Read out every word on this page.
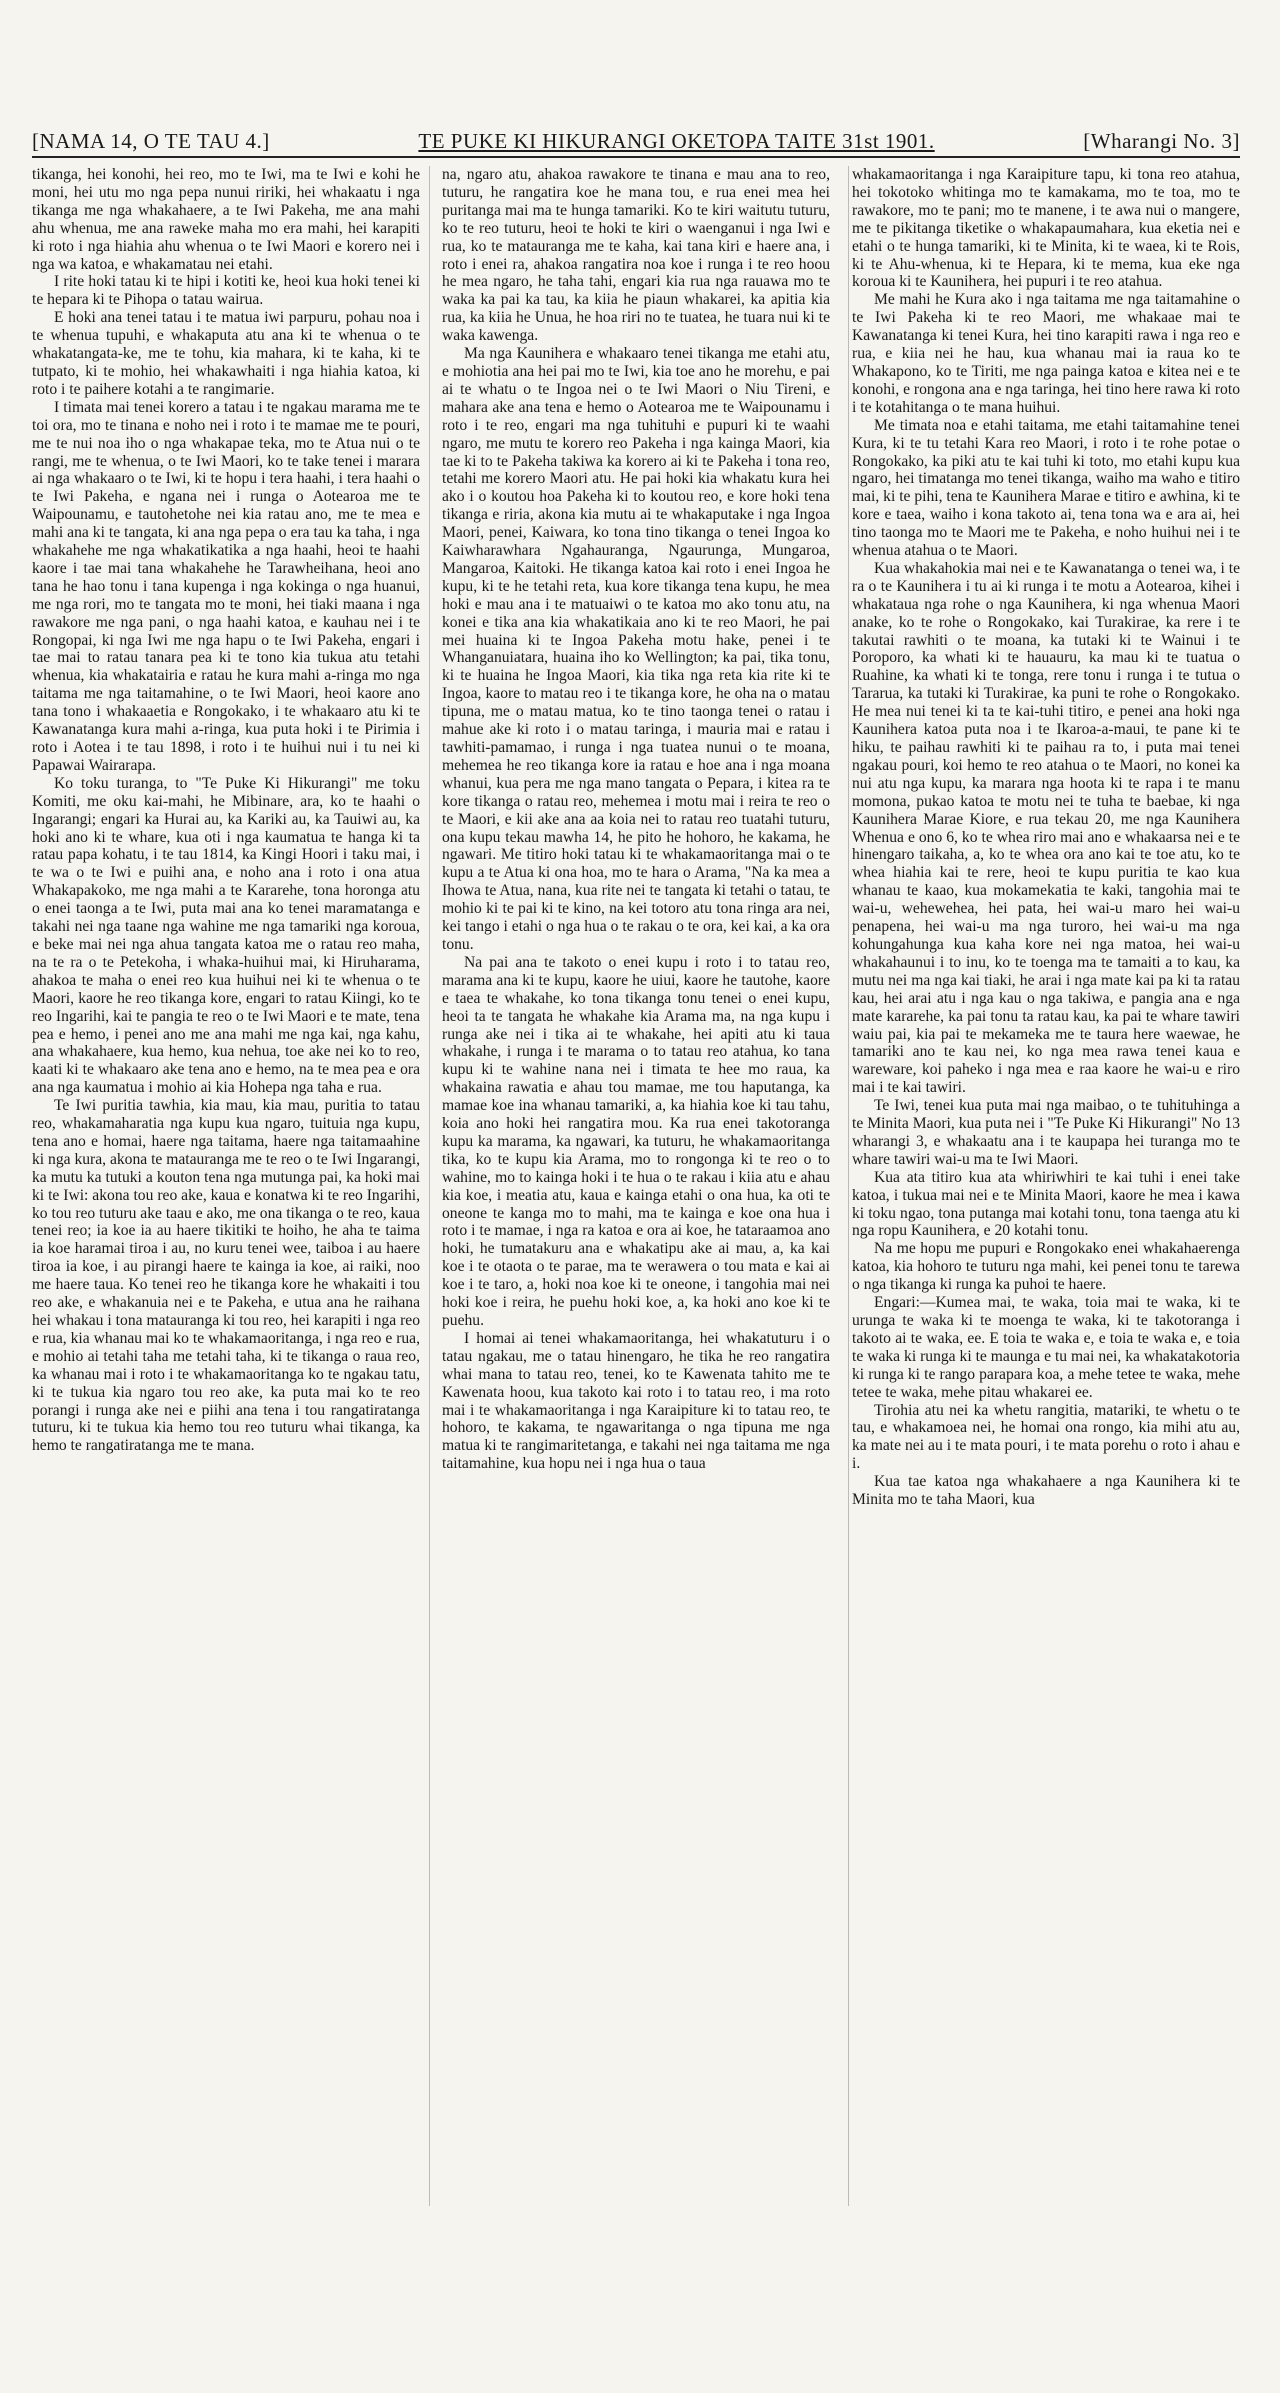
[NAMA 14, O TE TAU 4.]	TE PUKE KI HIKURANGI OKETOPA TAITE 31st 1901.	[Wharangi No. 3]

tikanga, hei konohi, hei reo, mo te Iwi, ma te Iwi e kohi he moni, hei utu mo nga pepa nunui ririki, hei whakaatu i nga tikanga me nga whakahaere, a te Iwi Pakeha, me ana mahi ahu whenua, me ana raweke maha mo era mahi, hei karapiti ki roto i nga hiahia ahu whenua o te Iwi Maori e korero nei i nga wa katoa, e whakamatau nei etahi.

I rite hoki tatau ki te hipi i kotiti ke, heoi kua hoki tenei ki te hepara ki te Pihopa o tatau wairua.

E hoki ana tenei tatau i te matua iwi parpuru, pohau noa i te whenua tupuhi, e whakaputa atu ana ki te whenua o te whakatangata-ke, me te tohu, kia mahara, ki te kaha, ki te tutpato, ki te mohio, hei whakawhaiti i nga hiahia katoa, ki roto i te paihere kotahi a te rangimarie.

I timata mai tenei korero a tatau i te ngakau marama me te toi ora, mo te tinana e noho nei i roto i te mamae me te pouri, me te nui noa iho o nga whakapae teka, mo te Atua nui o te rangi, me te whenua, o te Iwi Maori, ko te take tenei i marara ai nga whakaaro o te Iwi, ki te hopu i tera haahi, i tera haahi o te Iwi Pakeha, e ngana nei i runga o Aotearoa me te Waipounamu, e tautohetohe nei kia ratau ano, me te mea e mahi ana ki te tangata, ki ana nga pepa o era tau ka taha, i nga whakahehe me nga whakatikatika a nga haahi, heoi te haahi kaore i tae mai tana whakahehe he Tarawheihana, heoi ano tana he hao tonu i tana kupenga i nga kokinga o nga huanui, me nga rori, mo te tangata mo te moni, hei tiaki maana i nga rawakore me nga pani, o nga haahi katoa, e kauhau nei i te Rongopai, ki nga Iwi me nga hapu o te Iwi Pakeha, engari i tae mai to ratau tanara pea ki te tono kia tukua atu tetahi whenua, kia whakatairia e ratau he kura mahi a-ringa mo nga taitama me nga taitamahine, o te Iwi Maori, heoi kaore ano tana tono i whakaaetia e Rongokako, i te whakaaro atu ki te Kawanatanga kura mahi a-ringa, kua puta hoki i te Pirimia i roto i Aotea i te tau 1898, i roto i te huihui nui i tu nei ki Papawai Wairarapa.

Ko toku turanga, to "Te Puke Ki Hikurangi" me toku Komiti, me oku kai-mahi, he Mibinare, ara, ko te haahi o Ingarangi; engari ka Hurai au, ka Kariki au, ka Tauiwi au, ka hoki ano ki te whare, kua oti i nga kaumatua te hanga ki ta ratau papa kohatu, i te tau 1814, ka Kingi Hoori i taku mai, i te wa o te Iwi e puihi ana, e noho ana i roto i ona atua Whakapakoko, me nga mahi a te Kararehe, tona horonga atu o enei taonga a te Iwi, puta mai ana ko tenei maramatanga e takahi nei nga taane nga wahine me nga tamariki nga koroua, e beke mai nei nga ahua tangata katoa me o ratau reo maha, na te ra o te Petekoha, i whaka-huihui mai, ki Hiruharama, ahakoa te maha o enei reo kua huihui nei ki te whenua o te Maori, kaore he reo tikanga kore, engari to ratau Kiingi, ko te reo Ingarihi, kai te pangia te reo o te Iwi Maori e te mate, tena pea e hemo, i penei ano me ana mahi me nga kai, nga kahu, ana whakahaere, kua hemo, kua nehua, toe ake nei ko to reo, kaati ki te whakaaro ake tena ano e hemo, na te mea pea e ora ana nga kaumatua i mohio ai kia Hohepa nga taha e rua.

Te Iwi puritia tawhia, kia mau, kia mau, puritia to tatau reo, whakamaharatia nga kupu kua ngaro, tuituia nga kupu, tena ano e homai, haere nga taitama, haere nga taitamaahine ki nga kura, akona te matauranga me te reo o te Iwi Ingarangi, ka mutu ka tutuki a kouton tena nga mutunga pai, ka hoki mai ki te Iwi: akona tou reo ake, kaua e konatwa ki te reo Ingarihi, ko tou reo tuturu ake taau e ako, me ona tikanga o te reo, kaua tenei reo; ia koe ia au haere tikitiki te hoiho, he aha te taima ia koe haramai tiroa i au, no kuru tenei wee, taiboa i au haere tiroa ia koe, i au pirangi haere te kainga ia koe, ai raiki, noo me haere taua. Ko tenei reo he tikanga kore he whakaiti i tou reo ake, e whakanuia nei e te Pakeha, e utua ana he raihana hei whakau i tona matauranga ki tou reo, hei karapiti i nga reo e rua, kia whanau mai ko te whakamaoritanga, i nga reo e rua, e mohio ai tetahi taha me tetahi taha, ki te tikanga o raua reo, ka whanau mai i roto i te whakamaoritanga ko te ngakau tatu, ki te tukua kia ngaro tou reo ake, ka puta mai ko te reo porangi i runga ake nei e piihi ana tena i tou rangatiratanga tuturu, ki te tukua kia hemo tou reo tuturu whai tikanga, ka hemo te rangatiratanga me te mana.

na, ngaro atu, ahakoa rawakore te tinana e mau ana to reo, tuturu, he rangatira koe he mana tou, e rua enei mea hei puritanga mai ma te hunga tamariki. Ko te kiri waitutu tuturu, ko te reo tuturu, heoi te hoki te kiri o waenganui i nga Iwi e rua, ko te matauranga me te kaha, kai tana kiri e haere ana, i roto i enei ra, ahakoa rangatira noa koe i runga i te reo hoou he mea ngaro, he taha tahi, engari kia rua nga rauawa mo te waka ka pai ka tau, ka kiia he piaun whakarei, ka apitia kia rua, ka kiia he Unua, he hoa riri no te tuatea, he tuara nui ki te waka kawenga.

Ma nga Kaunihera e whakaaro tenei tikanga me etahi atu, e mohiotia ana hei pai mo te Iwi, kia toe ano he morehu, e pai ai te whatu o te Ingoa nei o te Iwi Maori o Niu Tireni, e mahara ake ana tena e hemo o Aotearoa me te Waipounamu i roto i te reo, engari ma nga tuhituhi e pupuri ki te waahi ngaro, me mutu te korero reo Pakeha i nga kainga Maori, kia tae ki to te Pakeha takiwa ka korero ai ki te Pakeha i tona reo, tetahi me korero Maori atu. He pai hoki kia whakatu kura hei ako i o koutou hoa Pakeha ki to koutou reo, e kore hoki tena tikanga e riria, akona kia mutu ai te whakaputake i nga Ingoa Maori, penei, Kaiwara, ko tona tino tikanga o tenei Ingoa ko Kaiwharawhara Ngahauranga, Ngaurunga, Mungaroa, Mangaroa, Kaitoki. He tikanga katoa kai roto i enei Ingoa he kupu, ki te he tetahi reta, kua kore tikanga tena kupu, he mea hoki e mau ana i te matuaiwi o te katoa mo ako tonu atu, na konei e tika ana kia whakatikaia ano ki te reo Maori, he pai mei huaina ki te Ingoa Pakeha motu hake, penei i te Whanganuiatara, huaina iho ko Wellington; ka pai, tika tonu, ki te huaina he Ingoa Maori, kia tika nga reta kia rite ki te Ingoa, kaore to matau reo i te tikanga kore, he oha na o matau tipuna, me o matau matua, ko te tino taonga tenei o ratau i mahue ake ki roto i o matau taringa, i mauria mai e ratau i tawhiti-pamamao, i runga i nga tuatea nunui o te moana, mehemea he reo tikanga kore ia ratau e hoe ana i nga moana whanui, kua pera me nga mano tangata o Pepara, i kitea ra te kore tikanga o ratau reo, mehemea i motu mai i reira te reo o te Maori, e kii ake ana aa koia nei to ratau reo tuatahi tuturu, ona kupu tekau mawha 14, he pito he hohoro, he kakama, he ngawari. Me titiro hoki tatau ki te whakamaoritanga mai o te kupu a te Atua ki ona hoa, mo te hara o Arama, "Na ka mea a Ihowa te Atua, nana, kua rite nei te tangata ki tetahi o tatau, te mohio ki te pai ki te kino, na kei totoro atu tona ringa ara nei, kei tango i etahi o nga hua o te rakau o te ora, kei kai, a ka ora tonu.

Na pai ana te takoto o enei kupu i roto i to tatau reo, marama ana ki te kupu, kaore he uiui, kaore he tautohe, kaore e taea te whakahe, ko tona tikanga tonu tenei o enei kupu, heoi ta te tangata he whakahe kia Arama ma, na nga kupu i runga ake nei i tika ai te whakahe, hei apiti atu ki taua whakahe, i runga i te marama o to tatau reo atahua, ko tana kupu ki te wahine nana nei i timata te hee mo raua, ka whakaina rawatia e ahau tou mamae, me tou haputanga, ka mamae koe ina whanau tamariki, a, ka hiahia koe ki tau tahu, koia ano hoki hei rangatira mou. Ka rua enei takotoranga kupu ka marama, ka ngawari, ka tuturu, he whakamaoritanga tika, ko te kupu kia Arama, mo to rongonga ki te reo o to wahine, mo to kainga hoki i te hua o te rakau i kiia atu e ahau kia koe, i meatia atu, kaua e kainga etahi o ona hua, ka oti te oneone te kanga mo to mahi, ma te kainga e koe ona hua i roto i te mamae, i nga ra katoa e ora ai koe, he tataraamoa ano hoki, he tumatakuru ana e whakatipu ake ai mau, a, ka kai koe i te otaota o te parae, ma te werawera o tou mata e kai ai koe i te taro, a, hoki noa koe ki te oneone, i tangohia mai nei hoki koe i reira, he puehu hoki koe, a, ka hoki ano koe ki te puehu.

I homai ai tenei whakamaoritanga, hei whakatuturu i o tatau ngakau, me o tatau hinengaro, he tika he reo rangatira whai mana to tatau reo, tenei, ko te Kawenata tahito me te Kawenata hoou, kua takoto kai roto i to tatau reo, i ma roto mai i te whakamaoritanga i nga Karaipiture ki to tatau reo, te hohoro, te kakama, te ngawaritanga o nga tipuna me nga matua ki te rangimaritetanga, e takahi nei nga taitama me nga taitamahine, kua hopu nei i nga hua o taua

whakamaoritanga i nga Karaipiture tapu, ki tona reo atahua, hei tokotoko whitinga mo te kamakama, mo te toa, mo te rawakore, mo te pani; mo te manene, i te awa nui o mangere, me te pikitanga tiketike o whakapaumahara, kua eketia nei e etahi o te hunga tamariki, ki te Minita, ki te waea, ki te Rois, ki te Ahu-whenua, ki te Hepara, ki te mema, kua eke nga koroua ki te Kaunihera, hei pupuri i te reo atahua.

Me mahi he Kura ako i nga taitama me nga taitamahine o te Iwi Pakeha ki te reo Maori, me whakaae mai te Kawanatanga ki tenei Kura, hei tino karapiti rawa i nga reo e rua, e kiia nei he hau, kua whanau mai ia raua ko te Whakapono, ko te Tiriti, me nga painga katoa e kitea nei e te konohi, e rongona ana e nga taringa, hei tino here rawa ki roto i te kotahitanga o te mana huihui.

Me timata noa e etahi taitama, me etahi taitamahine tenei Kura, ki te tu tetahi Kara reo Maori, i roto i te rohe potae o Rongokako, ka piki atu te kai tuhi ki toto, mo etahi kupu kua ngaro, hei timatanga mo tenei tikanga, waiho ma waho e titiro mai, ki te pihi, tena te Kaunihera Marae e titiro e awhina, ki te kore e taea, waiho i kona takoto ai, tena tona wa e ara ai, hei tino taonga mo te Maori me te Pakeha, e noho huihui nei i te whenua atahua o te Maori.

Kua whakahokia mai nei e te Kawanatanga o tenei wa, i te ra o te Kaunihera i tu ai ki runga i te motu a Aotearoa, kihei i whakataua nga rohe o nga Kaunihera, ki nga whenua Maori anake, ko te rohe o Rongokako, kai Turakirae, ka rere i te takutai rawhiti o te moana, ka tutaki ki te Wainui i te Poroporo, ka whati ki te hauauru, ka mau ki te tuatua o Ruahine, ka whati ki te tonga, rere tonu i runga i te tutua o Tararua, ka tutaki ki Turakirae, ka puni te rohe o Rongokako. He mea nui tenei ki ta te kai-tuhi titiro, e penei ana hoki nga Kaunihera katoa puta noa i te Ikaroa-a-maui, te pane ki te hiku, te paihau rawhiti ki te paihau ra to, i puta mai tenei ngakau pouri, koi hemo te reo atahua o te Maori, no konei ka nui atu nga kupu, ka marara nga hoota ki te rapa i te manu momona, pukao katoa te motu nei te tuha te baebae, ki nga Kaunihera Marae Kiore, e rua tekau 20, me nga Kaunihera Whenua e ono 6, ko te whea riro mai ano e whakaarsa nei e te hinengaro taikaha, a, ko te whea ora ano kai te toe atu, ko te whea hiahia kai te rere, heoi te kupu puritia te kao kua whanau te kaao, kua mokamekatia te kaki, tangohia mai te wai-u, wehewehea, hei pata, hei wai-u maro hei wai-u penapena, hei wai-u ma nga turoro, hei wai-u ma nga kohungahunga kua kaha kore nei nga matoa, hei wai-u whakahaunui i to inu, ko te toenga ma te tamaiti a to kau, ka mutu nei ma nga kai tiaki, he arai i nga mate kai pa ki ta ratau kau, hei arai atu i nga kau o nga takiwa, e pangia ana e nga mate kararehe, ka pai tonu ta ratau kau, ka pai te whare tawiri waiu pai, kia pai te mekameka me te taura here waewae, he tamariki ano te kau nei, ko nga mea rawa tenei kaua e wareware, koi paheko i nga mea e raa kaore he wai-u e riro mai i te kai tawiri.

Te Iwi, tenei kua puta mai nga maibao, o te tuhituhinga a te Minita Maori, kua puta nei i "Te Puke Ki Hikurangi" No 13 wharangi 3, e whakaatu ana i te kaupapa hei turanga mo te whare tawiri wai-u ma te Iwi Maori.

Kua ata titiro kua ata whiriwhiri te kai tuhi i enei take katoa, i tukua mai nei e te Minita Maori, kaore he mea i kawa ki toku ngao, tona putanga mai kotahi tonu, tona taenga atu ki nga ropu Kaunihera, e 20 kotahi tonu.

Na me hopu me pupuri e Rongokako enei whakahaerenga katoa, kia hohoro te tuturu nga mahi, kei penei tonu te tarewa o nga tikanga ki runga ka puhoi te haere.

Engari:—Kumea mai, te waka, toia mai te waka, ki te urunga te waka ki te moenga te waka, ki te takotoranga i takoto ai te waka, ee. E toia te waka e, e toia te waka e, e toia te waka ki runga ki te maunga e tu mai nei, ka whakatakotoria ki runga ki te rango parapara koa, a mehe tetee te waka, mehe tetee te waka, mehe pitau whakarei ee.

Tirohia atu nei ka whetu rangitia, matariki, te whetu o te tau, e whakamoea nei, he homai ona rongo, kia mihi atu au, ka mate nei au i te mata pouri, i te mata porehu o roto i ahau e i.

Kua tae katoa nga whakahaere a nga Kaunihera ki te Minita mo te taha Maori, kua
